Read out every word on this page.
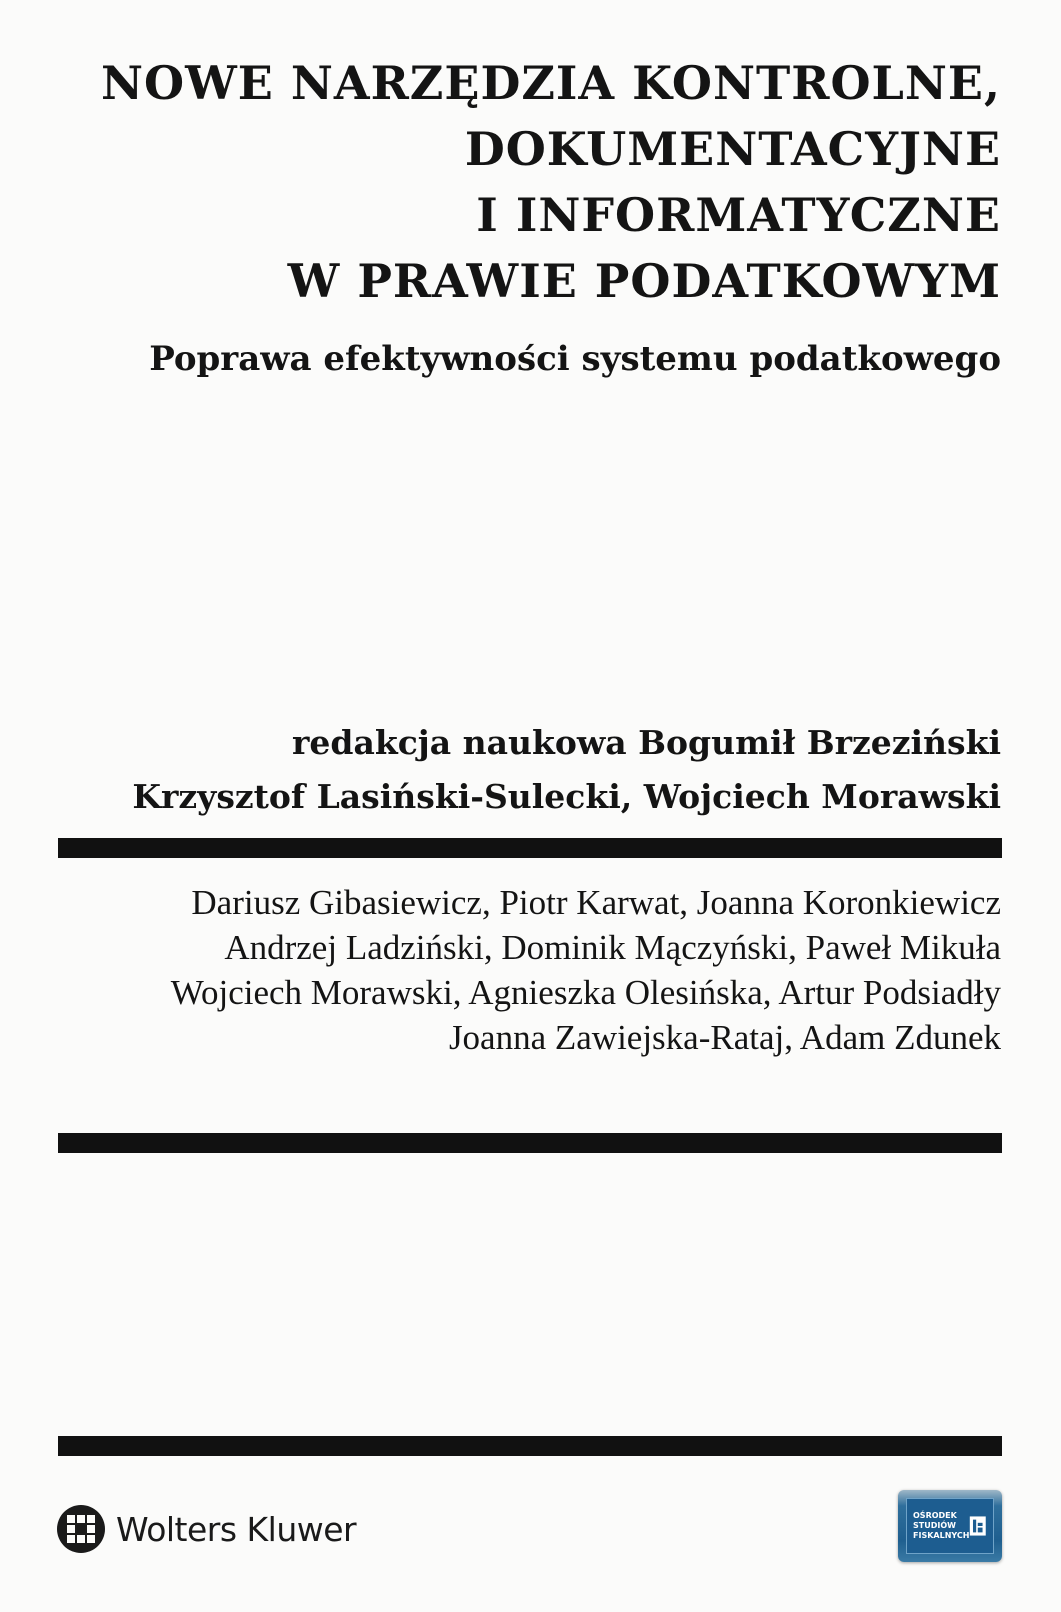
NOWE NARZĘDZIA KONTROLNE,
DOKUMENTACYJNE
I INFORMATYCZNE
W PRAWIE PODATKOWYM
Poprawa efektywności systemu podatkowego
redakcja naukowa Bogumił Brzeziński
Krzysztof Lasiński-Sulecki, Wojciech Morawski
Dariusz Gibasiewicz, Piotr Karwat, Joanna Koronkiewicz
Andrzej Ladziński, Dominik Mączyński, Paweł Mikuła
Wojciech Morawski, Agnieszka Olesińska, Artur Podsiadły
Joanna Zawiejska-Rataj, Adam Zdunek
Wolters Kluwer	OŚRODEK
STUDIÓW
FISKALNYCH
